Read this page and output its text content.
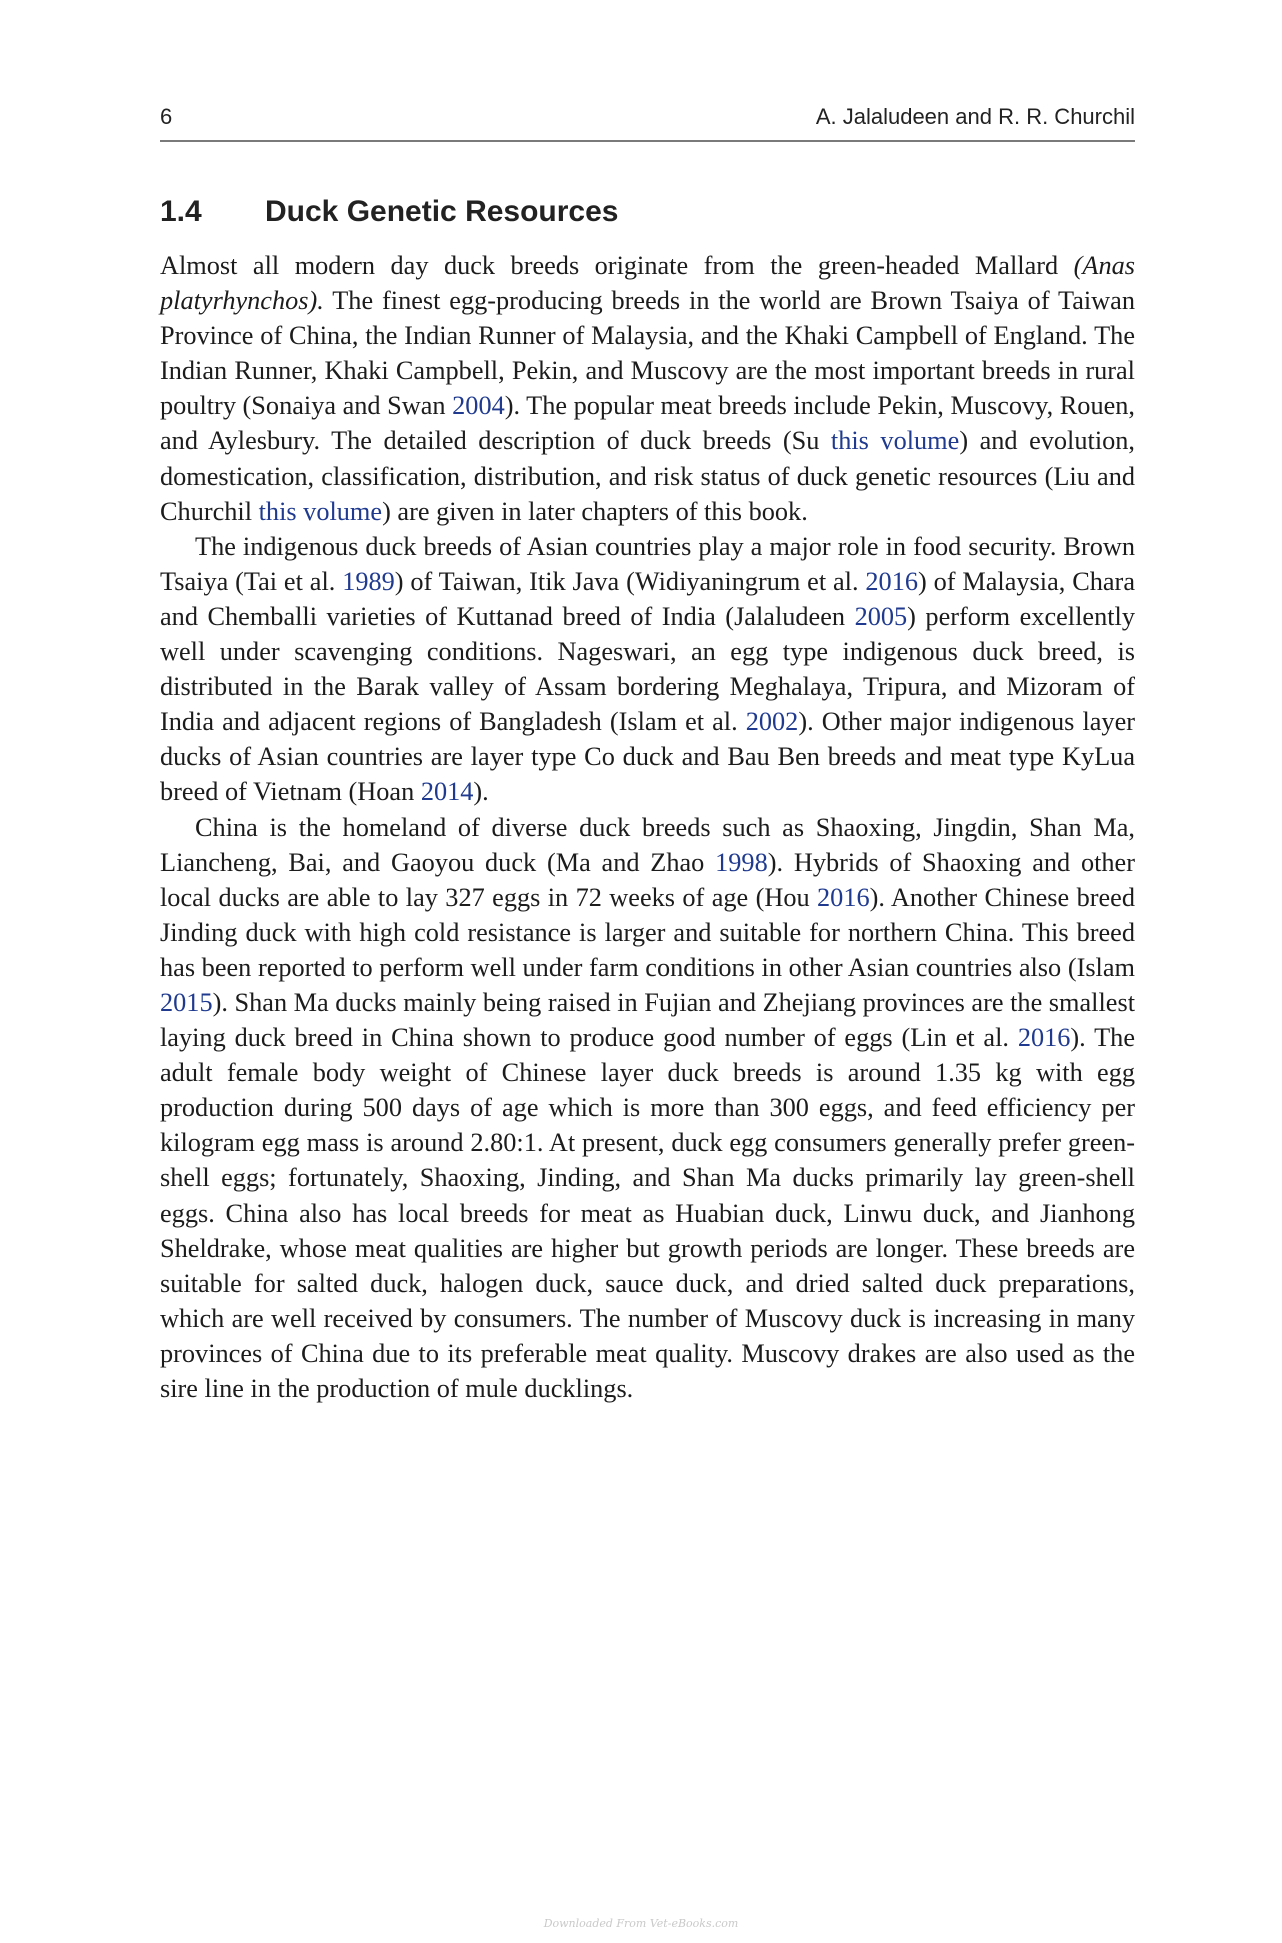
6	A. Jalaludeen and R. R. Churchil
1.4 Duck Genetic Resources

Almost all modern day duck breeds originate from the green-headed Mallard (Anas platyrhynchos). The finest egg-producing breeds in the world are Brown Tsaiya of Taiwan Province of China, the Indian Runner of Malaysia, and the Khaki Campbell of England. The Indian Runner, Khaki Campbell, Pekin, and Muscovy are the most important breeds in rural poultry (Sonaiya and Swan 2004). The popular meat breeds include Pekin, Muscovy, Rouen, and Aylesbury. The detailed description of duck breeds (Su this volume) and evolution, domestication, classification, distribution, and risk status of duck genetic resources (Liu and Churchil this volume) are given in later chapters of this book.

The indigenous duck breeds of Asian countries play a major role in food security. Brown Tsaiya (Tai et al. 1989) of Taiwan, Itik Java (Widiyaningrum et al. 2016) of Malaysia, Chara and Chemballi varieties of Kuttanad breed of India (Jalaludeen 2005) perform excellently well under scavenging conditions. Nageswari, an egg type indigenous duck breed, is distributed in the Barak valley of Assam bordering Meghalaya, Tripura, and Mizoram of India and adjacent regions of Bangladesh (Islam et al. 2002). Other major indigenous layer ducks of Asian countries are layer type Co duck and Bau Ben breeds and meat type KyLua breed of Vietnam (Hoan 2014).

China is the homeland of diverse duck breeds such as Shaoxing, Jingdin, Shan Ma, Liancheng, Bai, and Gaoyou duck (Ma and Zhao 1998). Hybrids of Shaoxing and other local ducks are able to lay 327 eggs in 72 weeks of age (Hou 2016). Another Chinese breed Jinding duck with high cold resistance is larger and suitable for northern China. This breed has been reported to perform well under farm conditions in other Asian countries also (Islam 2015). Shan Ma ducks mainly being raised in Fujian and Zhejiang provinces are the smallest laying duck breed in China shown to produce good number of eggs (Lin et al. 2016). The adult female body weight of Chinese layer duck breeds is around 1.35 kg with egg production during 500 days of age which is more than 300 eggs, and feed efficiency per kilogram egg mass is around 2.80:1. At present, duck egg consumers generally prefer green-shell eggs; fortunately, Shaoxing, Jinding, and Shan Ma ducks primarily lay green-shell eggs. China also has local breeds for meat as Huabian duck, Linwu duck, and Jianhong Sheldrake, whose meat qualities are higher but growth periods are longer. These breeds are suitable for salted duck, halogen duck, sauce duck, and dried salted duck preparations, which are well received by consumers. The number of Muscovy duck is increasing in many provinces of China due to its preferable meat quality. Muscovy drakes are also used as the sire line in the production of mule ducklings.

Downloaded From Vet-eBooks.com
